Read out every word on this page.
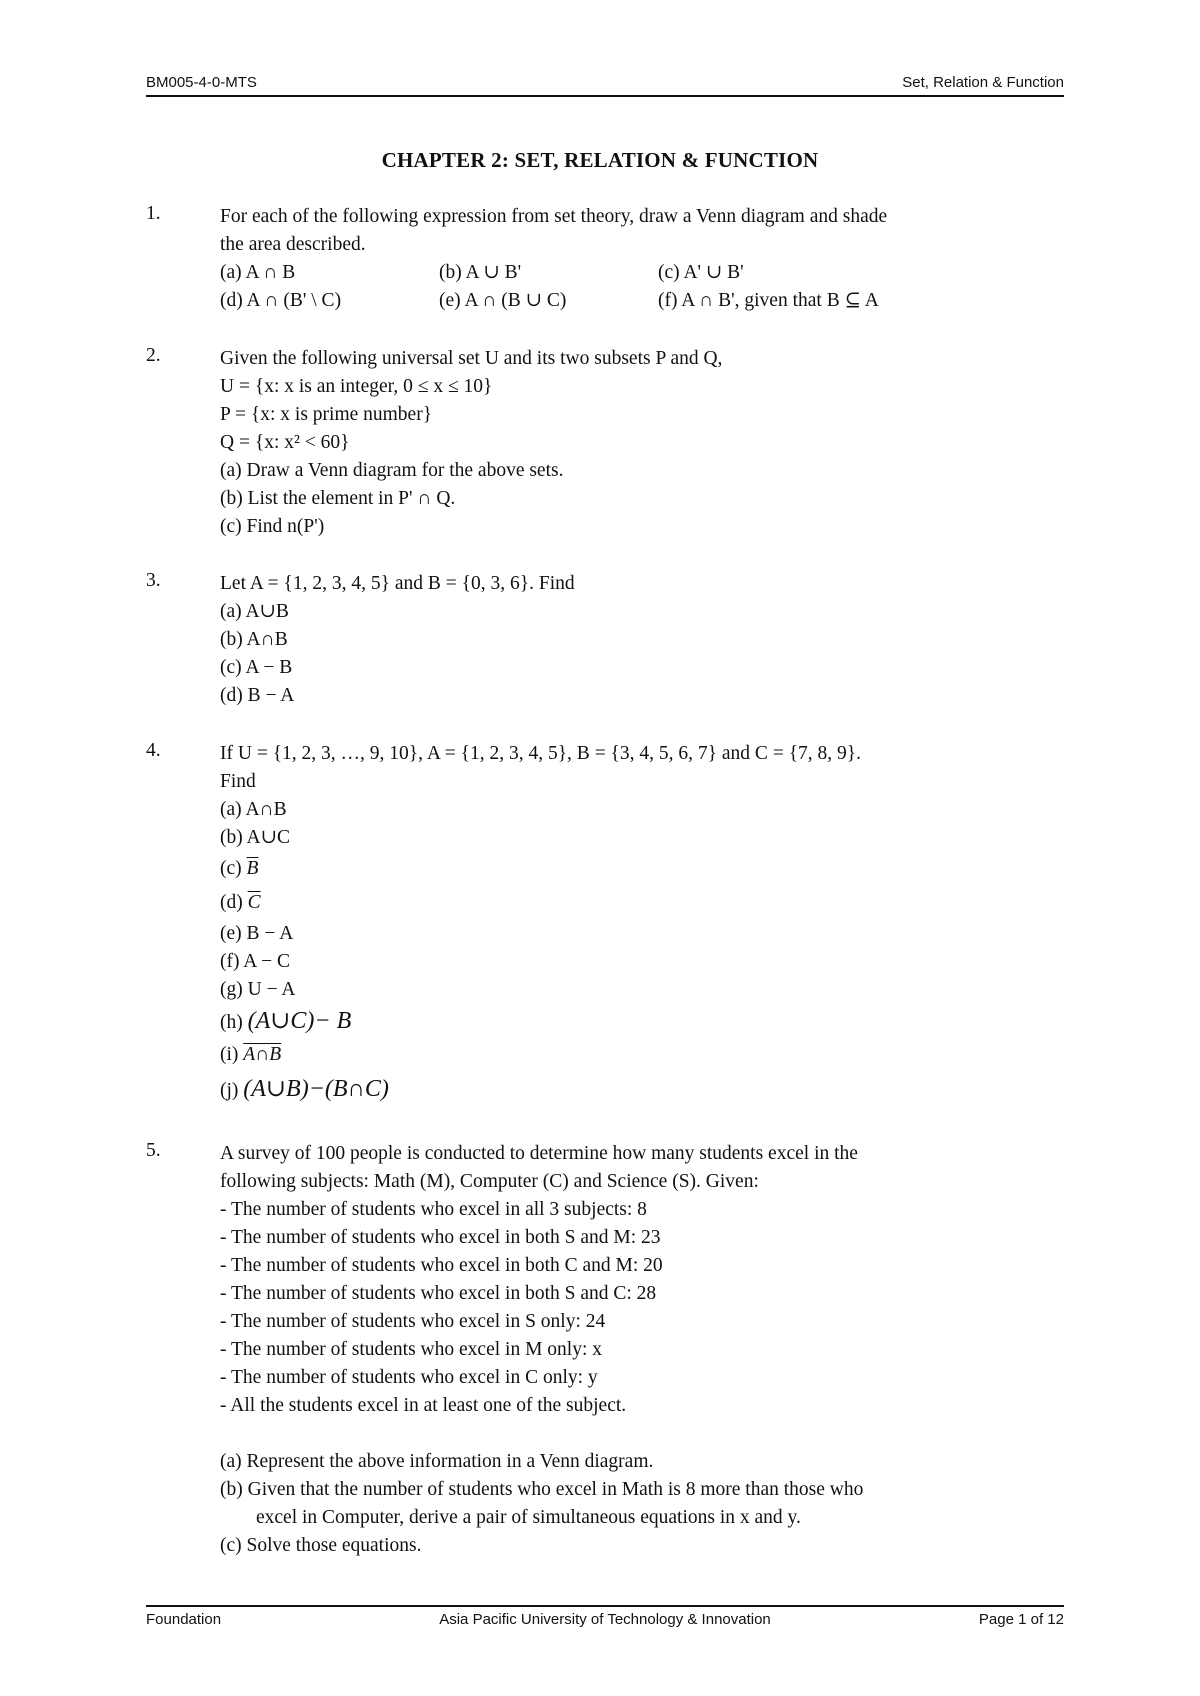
BM005-4-0-MTS	Set, Relation & Function
CHAPTER 2: SET, RELATION & FUNCTION
1.	For each of the following expression from set theory, draw a Venn diagram and shade
the area described.
(a) A ∩ B	(b) A ∪ B'	(c) A' ∪ B'
(d) A ∩ (B' \ C)	(e) A ∩ (B ∪ C)	(f) A ∩ B', given that B ⊆ A
2.	Given the following universal set U and its two subsets P and Q,
U = {x: x is an integer, 0 ≤ x ≤ 10}
P = {x: x is prime number}
Q = {x: x² < 60}
(a) Draw a Venn diagram for the above sets.
(b) List the element in P' ∩ Q.
(c) Find n(P')
3.	Let A = {1, 2, 3, 4, 5} and B = {0, 3, 6}. Find
(a) A∪B
(b) A∩B
(c) A − B
(d) B − A
4.	If U = {1, 2, 3, …, 9, 10}, A = {1, 2, 3, 4, 5}, B = {3, 4, 5, 6, 7} and C = {7, 8, 9}.
Find
(a) A∩B
(b) A∪C
(c) $\overline{B}$
(d) $\overline{C}$
(e) B − A
(f) A − C
(g) U − A
(h) (A∪C)− B
(i) A∩B
(j) (A∪B)−(B∩C)
5.	A survey of 100 people is conducted to determine how many students excel in the
following subjects: Math (M), Computer (C) and Science (S). Given:
- The number of students who excel in all 3 subjects: 8
- The number of students who excel in both S and M: 23
- The number of students who excel in both C and M: 20
- The number of students who excel in both S and C: 28
- The number of students who excel in S only: 24
- The number of students who excel in M only: x
- The number of students who excel in C only: y
- All the students excel in at least one of the subject.
(a) Represent the above information in a Venn diagram.
(b) Given that the number of students who excel in Math is 8 more than those who
excel in Computer, derive a pair of simultaneous equations in x and y.
(c) Solve those equations.
Foundation	Asia Pacific University of Technology & Innovation	Page 1 of 12
